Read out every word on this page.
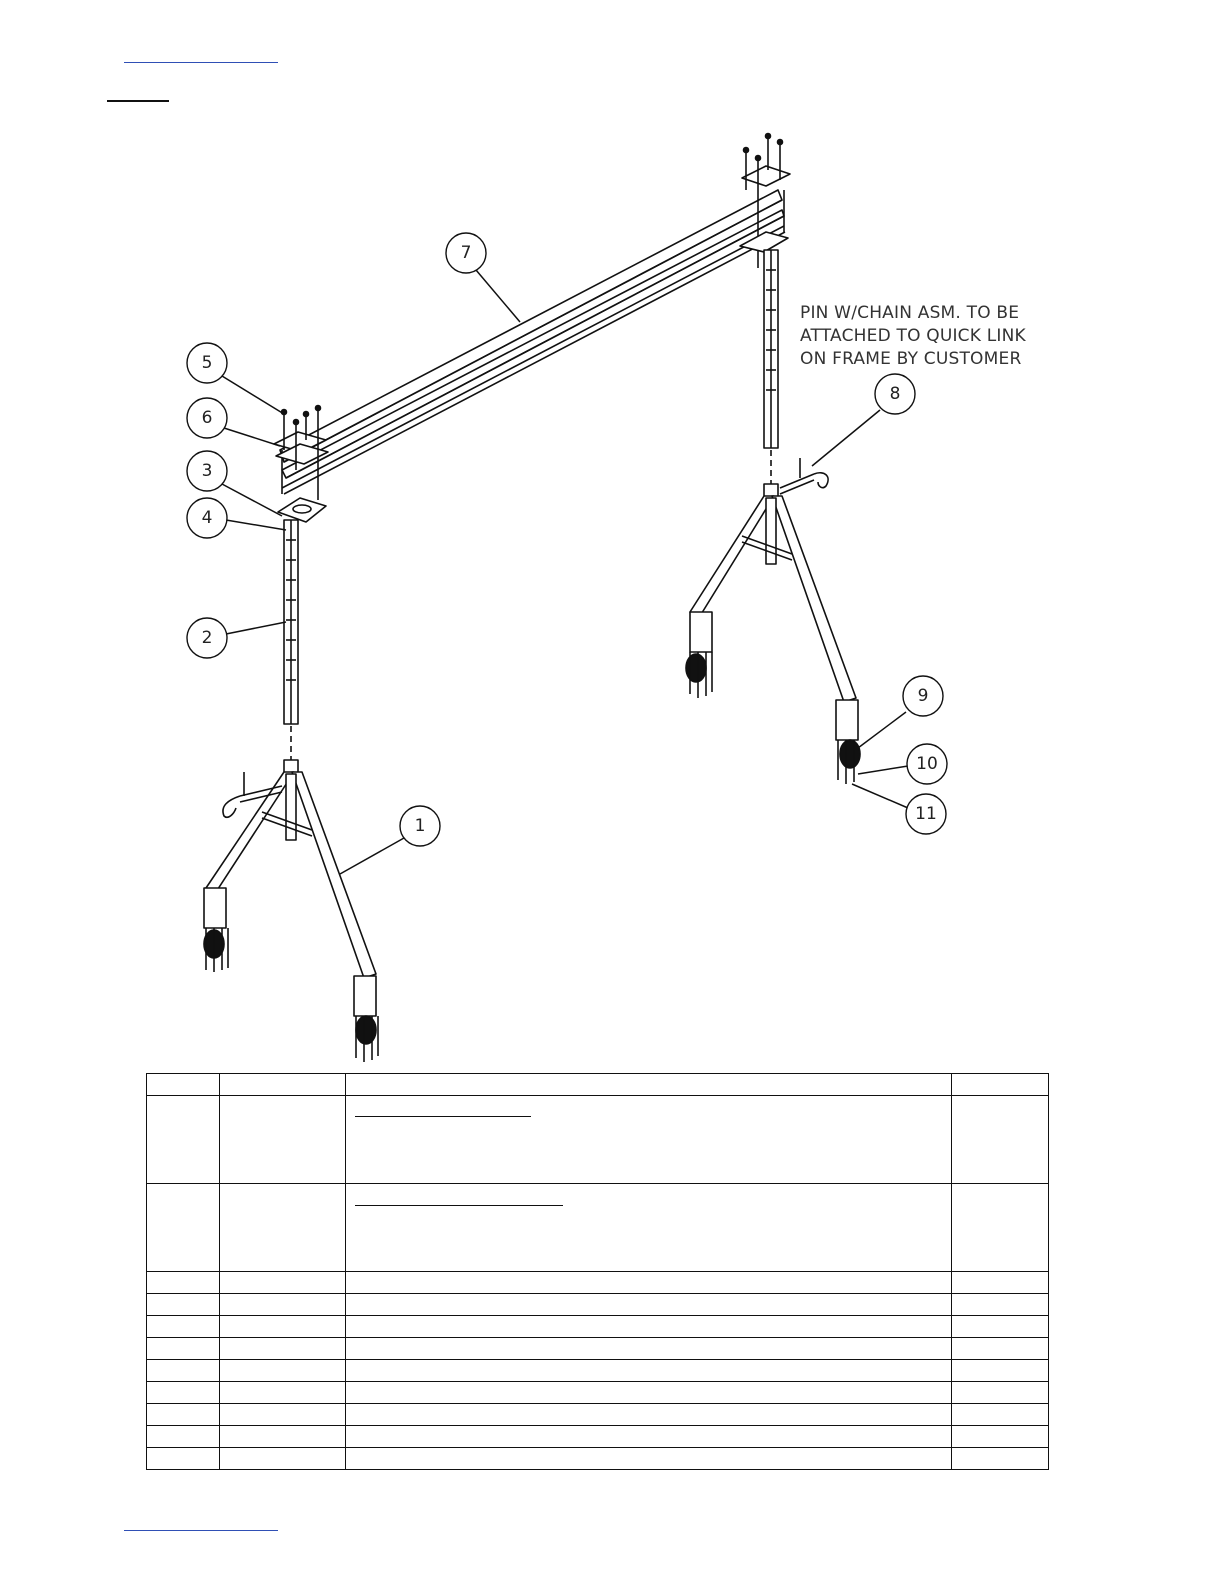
1
2
3
4
5
6
7
8
9
10
11
PIN W/CHAIN ASM. TO BE
ATTACHED TO QUICK LINK
ON FRAME BY CUSTOMER
